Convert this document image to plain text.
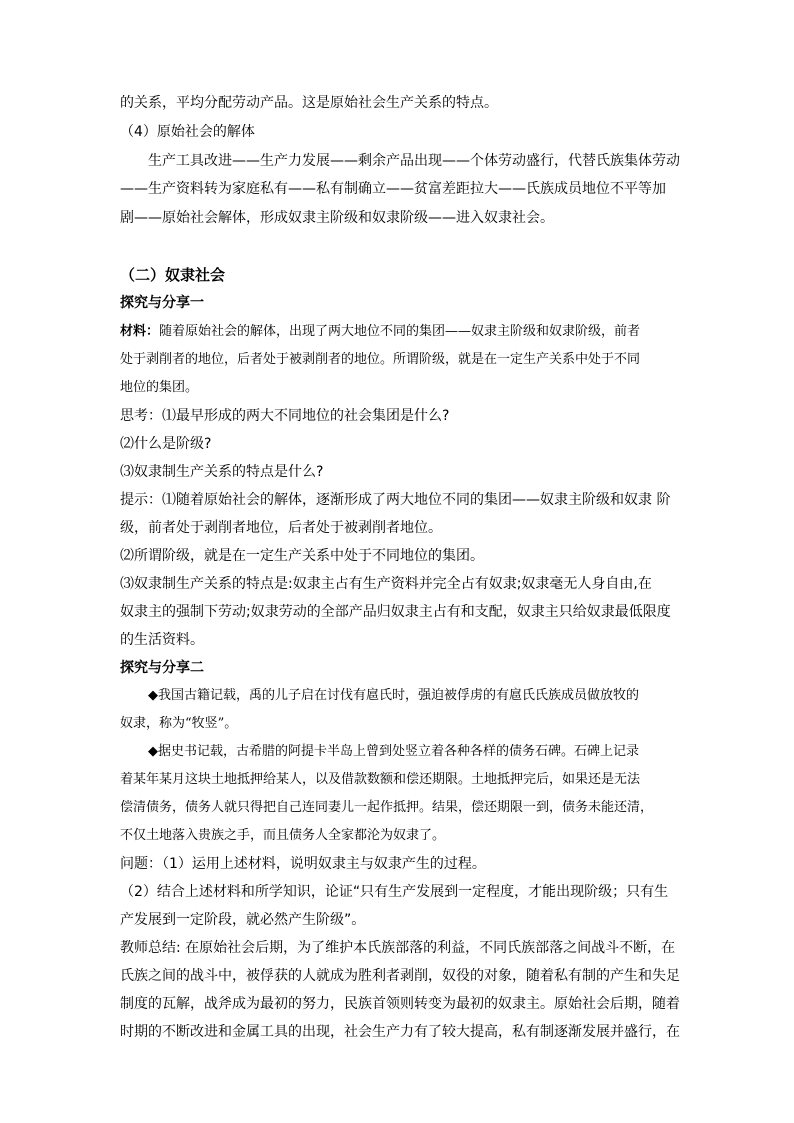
的关系，平均分配劳动产品。这是原始社会生产关系的特点。
（4）原始社会的解体
生产工具改进——生产力发展——剩余产品出现——个体劳动盛行，代替氏族集体劳动
——生产资料转为家庭私有——私有制确立——贫富差距拉大——氏族成员地位不平等加
剧——原始社会解体，形成奴隶主阶级和奴隶阶级——进入奴隶社会。
（二）奴隶社会
探究与分享一
材料：随着原始社会的解体，出现了两大地位不同的集团——奴隶主阶级和奴隶阶级，前者
处于剥削者的地位，后者处于被剥削者的地位。所谓阶级，就是在一定生产关系中处于不同
地位的集团。
思考：⑴最早形成的两大不同地位的社会集团是什么?
⑵什么是阶级?
⑶奴隶制生产关系的特点是什么?
提示：⑴随着原始社会的解体，逐渐形成了两大地位不同的集团——奴隶主阶级和奴隶 阶
级，前者处于剥削者地位，后者处于被剥削者地位。
⑵所谓阶级，就是在一定生产关系中处于不同地位的集团。
⑶奴隶制生产关系的特点是:奴隶主占有生产资料并完全占有奴隶;奴隶毫无人身自由,在
奴隶主的强制下劳动;奴隶劳动的全部产品归奴隶主占有和支配，奴隶主只给奴隶最低限度
的生活资料。
探究与分享二
◆我国古籍记载，禹的儿子启在讨伐有扈氏时，强迫被俘虏的有扈氏氏族成员做放牧的
奴隶，称为“牧竖”。
◆据史书记载，古希腊的阿提卡半岛上曾到处竖立着各种各样的债务石碑。石碑上记录
着某年某月这块土地抵押给某人，以及借款数额和偿还期限。土地抵押完后，如果还是无法
偿清债务，债务人就只得把自己连同妻儿一起作抵押。结果，偿还期限一到，债务未能还清，
不仅土地落入贵族之手，而且债务人全家都沦为奴隶了。
问题：（1）运用上述材料，说明奴隶主与奴隶产生的过程。
（2）结合上述材料和所学知识，论证“只有生产发展到一定程度，才能出现阶级；只有生
产发展到一定阶段，就必然产生阶级”。
教师总结: 在原始社会后期，为了维护本氏族部落的利益，不同氏族部落之间战斗不断，在
氏族之间的战斗中，被俘获的人就成为胜利者剥削，奴役的对象，随着私有制的产生和失足
制度的瓦解，战斧成为最初的努力，民族首领则转变为最初的奴隶主。原始社会后期，随着
时期的不断改进和金属工具的出现，社会生产力有了较大提高，私有制逐渐发展并盛行，在
